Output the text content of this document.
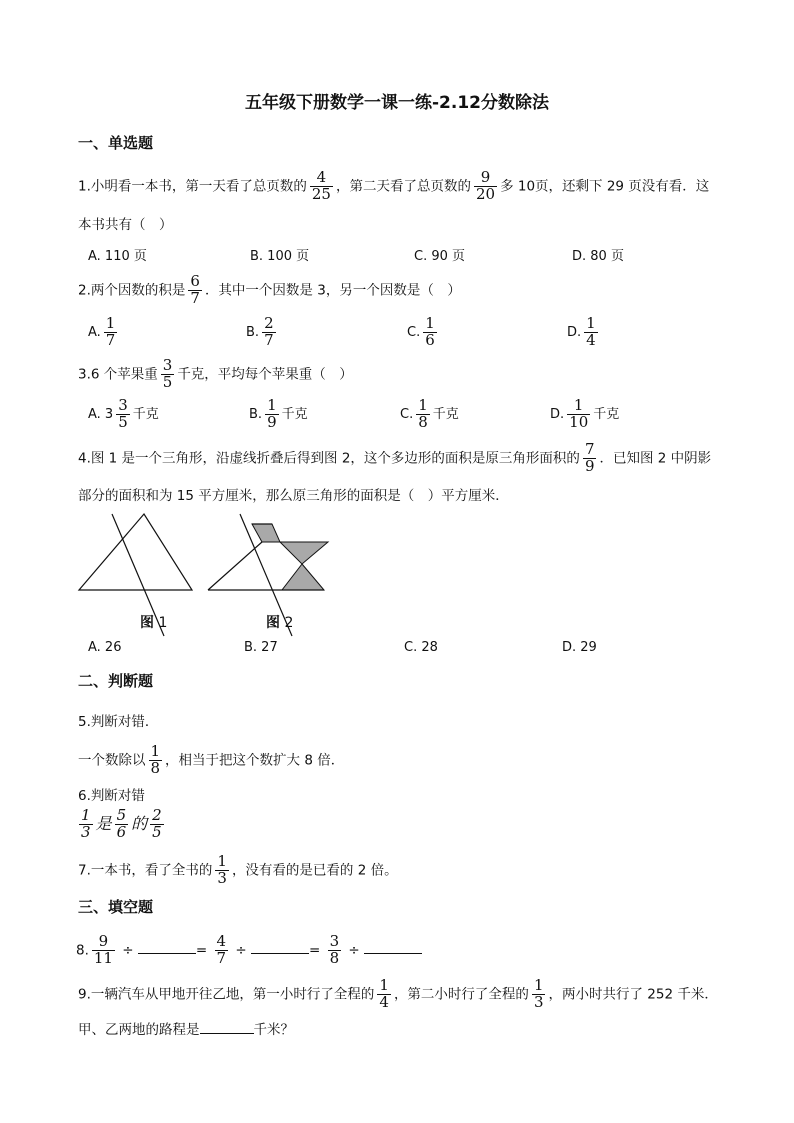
五年级下册数学一课一练-2.12分数除法
一、单选题
1.小明看一本书，第一天看了总页数的 $\frac{4}{25}$ ，第二天看了总页数的 $\frac{9}{20}$ 多 10页，还剩下 29 页没有看．这
本书共有（　）
A. 110 页	B. 100 页	C. 90 页	D. 80 页
2.两个因数的积是 $\frac{6}{7}$ ．其中一个因数是 3，另一个因数是（　）
A. $\frac{1}{7}$	B. $\frac{2}{7}$	C. $\frac{1}{6}$	D. $\frac{1}{4}$
3.6 个苹果重 $\frac{3}{5}$ 千克，平均每个苹果重（　）
A. $3 \frac{3}{5}$ 千克	B. $\frac{1}{9}$ 千克	C. $\frac{1}{8}$ 千克	D. $\frac{1}{10}$ 千克
4.图 1 是一个三角形，沿虚线折叠后得到图 2，这个多边形的面积是原三角形面积的 $\frac{7}{9}$ ．已知图 2 中阴影
部分的面积和为 15 平方厘米，那么原三角形的面积是（　）平方厘米．
图 1	图 2
A. 26	B. 27	C. 28	D. 29
二、判断题
5.判断对错．
一个数除以 $\frac{1}{8}$ ，相当于把这个数扩大 8 倍．
6.判断对错
$\frac{1}{3}$ 是 $\frac{5}{6}$ 的 $\frac{2}{5}$
7.一本书，看了全书的 $\frac{1}{3}$ ，没有看的是已看的 2 倍。
三、填空题
8. $\frac{9}{11}$ ÷	= $\frac{4}{7}$ ÷	= $\frac{3}{8}$ ÷
9.一辆汽车从甲地开往乙地，第一小时行了全程的 $\frac{1}{4}$ ，第二小时行了全程的 $\frac{1}{3}$ ，两小时共行了 252 千米．
甲、乙两地的路程是	千米？
